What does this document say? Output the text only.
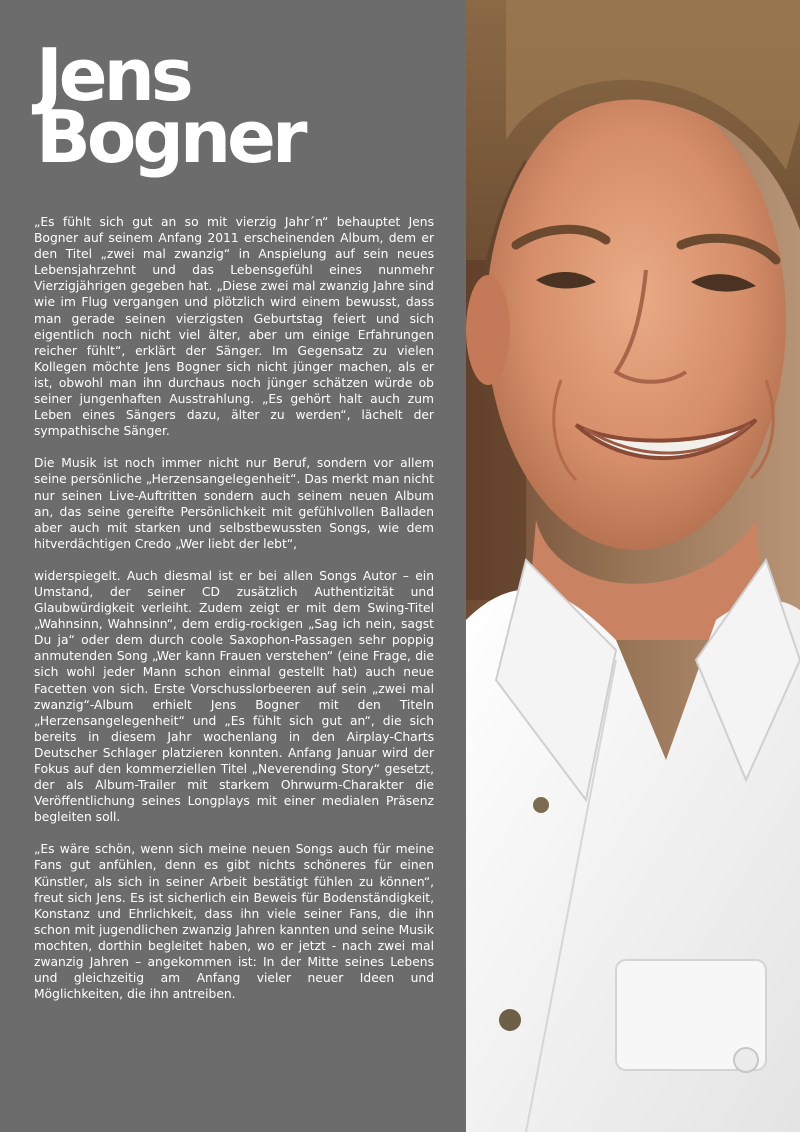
Jens
Bogner

„Es fühlt sich gut an so mit vierzig Jahr´n“ behauptet Jens Bogner auf seinem Anfang 2011 erscheinenden Album, dem er den Titel „zwei mal zwanzig“ in Anspielung auf sein neues Lebensjahrzehnt und das Lebensgefühl eines nunmehr Vierzigjährigen gegeben hat. „Diese zwei mal zwanzig Jahre sind wie im Flug vergangen und plötzlich wird einem bewusst, dass man gerade seinen vierzigsten Geburtstag feiert und sich eigentlich noch nicht viel älter, aber um einige Erfahrungen reicher fühlt“, erklärt der Sänger. Im Gegensatz zu vielen Kollegen möchte Jens Bogner sich nicht jünger machen, als er ist, obwohl man ihn durchaus noch jünger schätzen würde ob seiner jungenhaften Ausstrahlung. „Es gehört halt auch zum Leben eines Sängers dazu, älter zu werden“, lächelt der sympathische Sänger.

Die Musik ist noch immer nicht nur Beruf, sondern vor allem seine persönliche „Herzensangelegenheit“. Das merkt man nicht nur seinen Live-Auftritten sondern auch seinem neuen Album an, das seine gereifte Persönlichkeit mit gefühlvollen Balladen aber auch mit starken und selbstbewussten Songs, wie dem hitverdächtigen Credo „Wer liebt der lebt“,

widerspiegelt. Auch diesmal ist er bei allen Songs Autor – ein Umstand, der seiner CD zusätzlich Authentizität und Glaubwürdigkeit verleiht. Zudem zeigt er mit dem Swing-Titel „Wahnsinn, Wahnsinn“, dem erdig-rockigen „Sag ich nein, sagst Du ja“ oder dem durch coole Saxophon-Passagen sehr poppig anmutenden Song „Wer kann Frauen verstehen“ (eine Frage, die sich wohl jeder Mann schon einmal gestellt hat) auch neue Facetten von sich. Erste Vorschusslorbeeren auf sein „zwei mal zwanzig“-Album erhielt Jens Bogner mit den Titeln „Herzensangelegenheit“ und „Es fühlt sich gut an“, die sich bereits in diesem Jahr wochenlang in den Airplay-Charts Deutscher Schlager platzieren konnten. Anfang Januar wird der Fokus auf den kommerziellen Titel „Neverending Story“ gesetzt, der als Album-Trailer mit starkem Ohrwurm-Charakter die Veröffentlichung seines Longplays mit einer medialen Präsenz begleiten soll.

„Es wäre schön, wenn sich meine neuen Songs auch für meine Fans gut anfühlen, denn es gibt nichts schöneres für einen Künstler, als sich in seiner Arbeit bestätigt fühlen zu können“, freut sich Jens. Es ist sicherlich ein Beweis für Bodenständigkeit, Konstanz und Ehrlichkeit, dass ihn viele seiner Fans, die ihn schon mit jugendlichen zwanzig Jahren kannten und seine Musik mochten, dorthin begleitet haben, wo er jetzt - nach zwei mal zwanzig Jahren – angekommen ist: In der Mitte seines Lebens und gleichzeitig am Anfang vieler neuer Ideen und Möglichkeiten, die ihn antreiben.
